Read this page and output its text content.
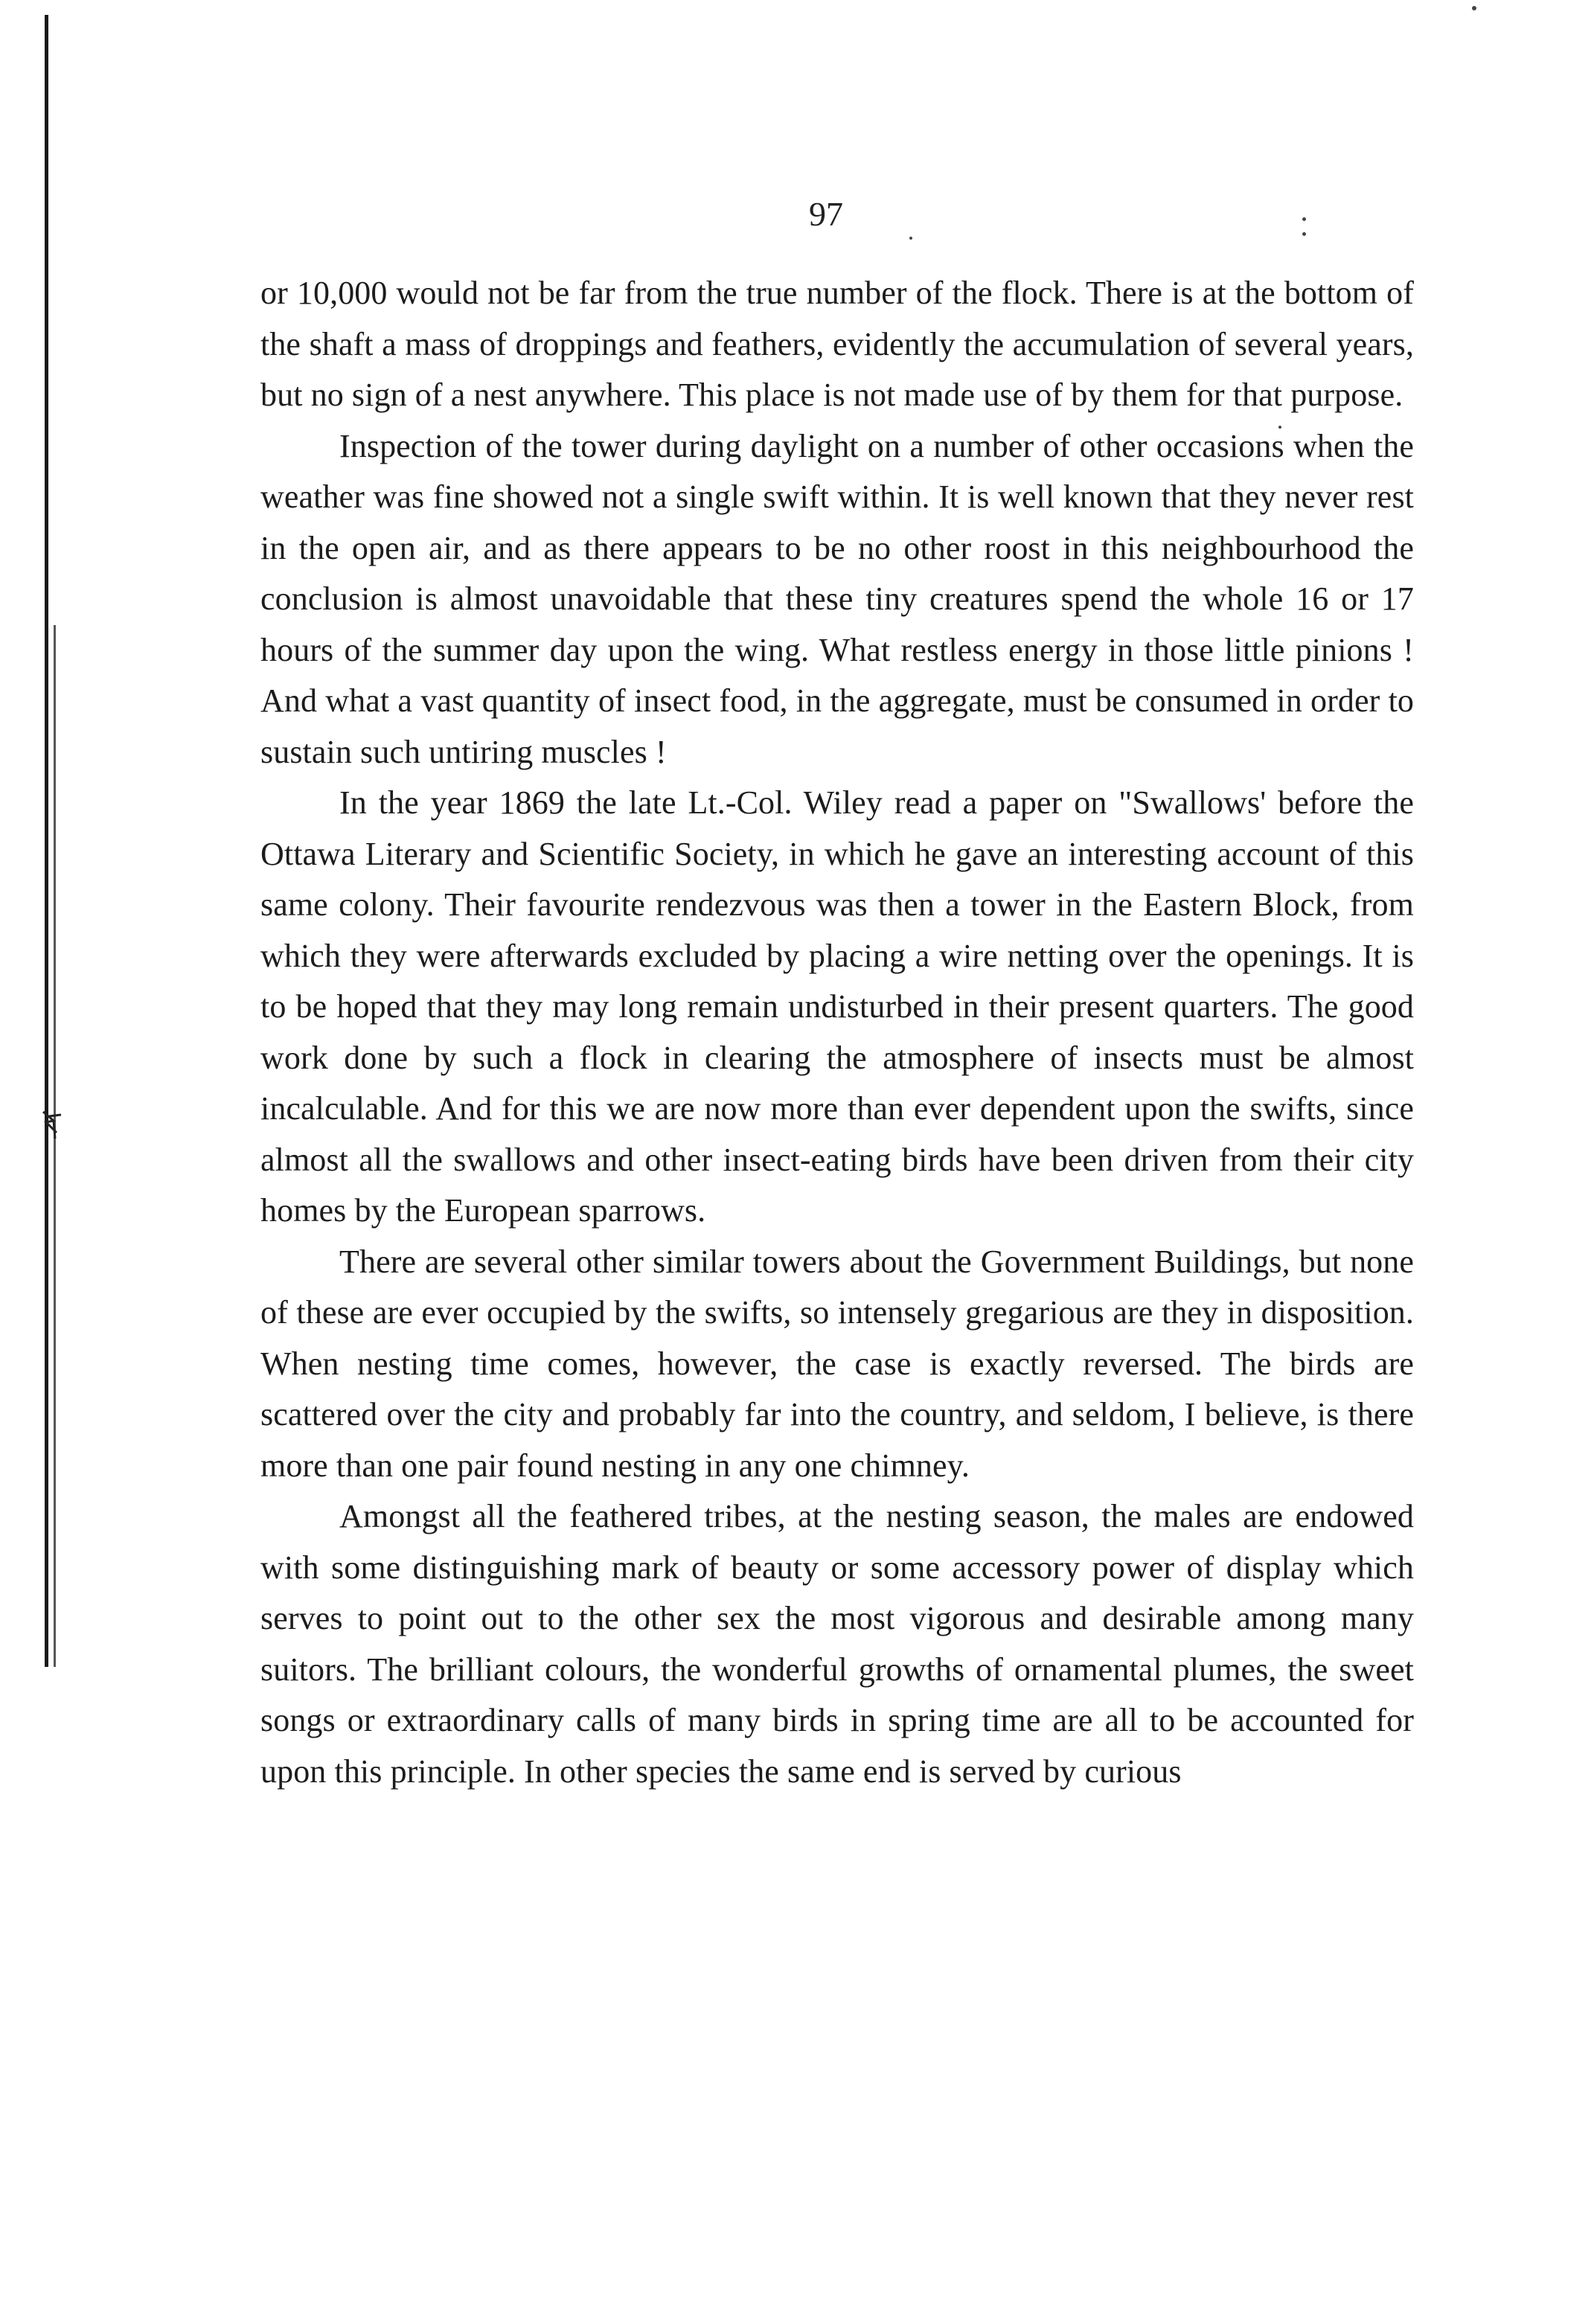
97

or 10,000 would not be far from the true number of the flock. There is at the bottom of the shaft a mass of droppings and feathers, evidently the accumulation of several years, but no sign of a nest anywhere. This place is not made use of by them for that purpose.

Inspection of the tower during daylight on a number of other occasions when the weather was fine showed not a single swift within. It is well known that they never rest in the open air, and as there appears to be no other roost in this neighbourhood the conclusion is almost unavoidable that these tiny creatures spend the whole 16 or 17 hours of the summer day upon the wing. What restless energy in those little pinions ! And what a vast quantity of insect food, in the aggregate, must be consumed in order to sustain such untiring muscles !

In the year 1869 the late Lt.-Col. Wiley read a paper on "Swallows' before the Ottawa Literary and Scientific Society, in which he gave an interesting account of this same colony. Their favourite rendezvous was then a tower in the Eastern Block, from which they were afterwards excluded by placing a wire netting over the openings. It is to be hoped that they may long remain undisturbed in their present quarters. The good work done by such a flock in clearing the atmosphere of insects must be almost incalculable. And for this we are now more than ever dependent upon the swifts, since almost all the swallows and other insect-eating birds have been driven from their city homes by the European sparrows.

There are several other similar towers about the Government Buildings, but none of these are ever occupied by the swifts, so intensely gregarious are they in disposition. When nesting time comes, however, the case is exactly reversed. The birds are scattered over the city and probably far into the country, and seldom, I believe, is there more than one pair found nesting in any one chimney.

Amongst all the feathered tribes, at the nesting season, the males are endowed with some distinguishing mark of beauty or some accessory power of display which serves to point out to the other sex the most vigorous and desirable among many suitors. The brilliant colours, the wonderful growths of ornamental plumes, the sweet songs or extraordinary calls of many birds in spring time are all to be accounted for upon this principle. In other species the same end is served by curious
